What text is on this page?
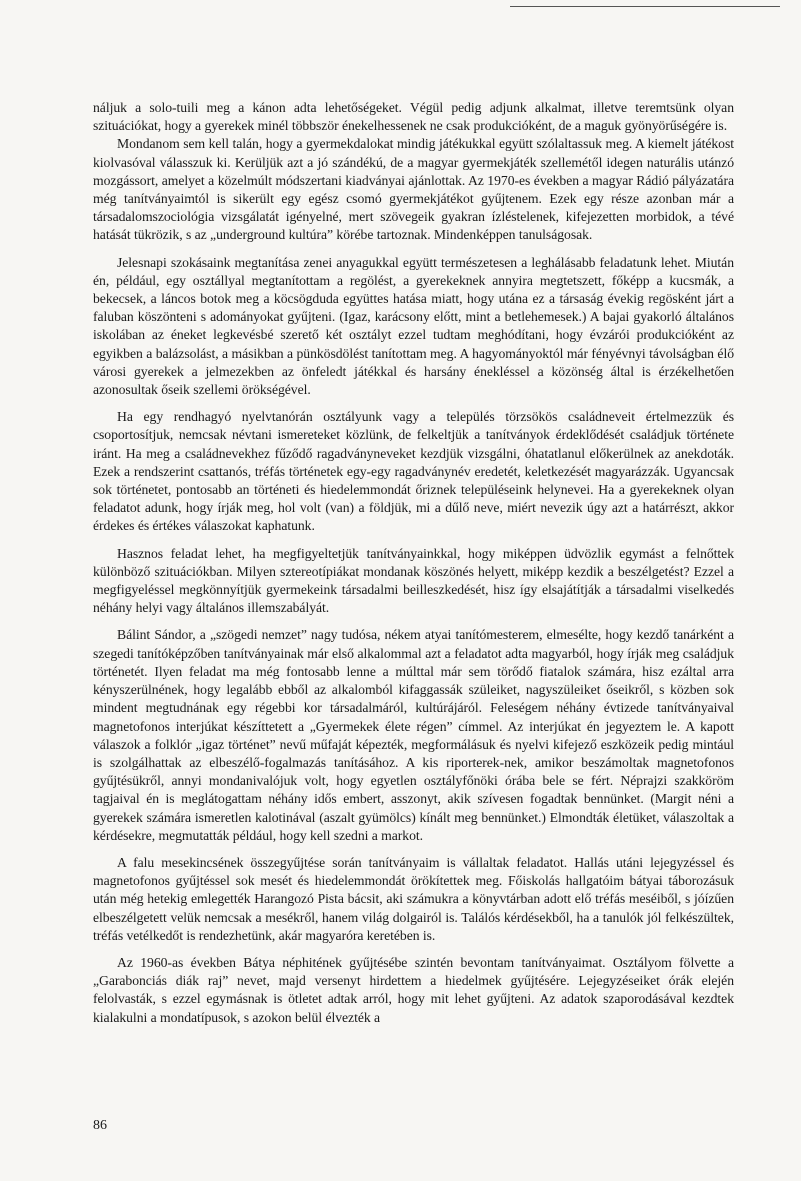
náljuk a solo-tuili meg a kánon adta lehetőségeket. Végül pedig adjunk alkalmat, illetve teremtsünk olyan szituációkat, hogy a gyerekek minél többször énekelhessenek ne csak produkcióként, de a maguk gyönyörűségére is.

Mondanom sem kell talán, hogy a gyermekdalokat mindig játékukkal együtt szólaltassuk meg. A kiemelt játékost kiolvasóval válasszuk ki. Kerüljük azt a jó szándékú, de a magyar gyermekjáték szellemétől idegen naturális utánzó mozgássort, amelyet a közelmúlt módszertani kiadványai ajánlottak. Az 1970-es években a magyar Rádió pályázatára még tanítványaimtól is sikerült egy egész csomó gyermekjátékot gyűjtenem. Ezek egy része azonban már a társadalomszociológia vizsgálatát igényelné, mert szövegeik gyakran ízléstelenek, kifejezetten morbidok, a tévé hatását tükrözik, s az „underground kultúra” körébe tartoznak. Mindenképpen tanulságosak.

Jelesnapi szokásaink megtanítása zenei anyagukkal együtt természetesen a leghálásabb feladatunk lehet. Miután én, például, egy osztállyal megtanítottam a regölést, a gyerekeknek annyira megtetszett, főképp a kucsmák, a bekecsek, a láncos botok meg a köcsögduda együttes hatása miatt, hogy utána ez a társaság évekig regösként járt a faluban köszönteni s adományokat gyűjteni. (Igaz, karácsony előtt, mint a betlehemesek.) A bajai gyakorló általános iskolában az éneket legkevésbé szerető két osztályt ezzel tudtam meghódítani, hogy évzárói produkcióként az egyikben a balázsolást, a másikban a pünkösdölést tanítottam meg. A hagyományoktól már fényévnyi távolságban élő városi gyerekek a jelmezekben az önfeledt játékkal és harsány énekléssel a közönség által is érzékelhetően azonosultak őseik szellemi örökségével.

Ha egy rendhagyó nyelvtanórán osztályunk vagy a település törzsökös családneveit értelmezzük és csoportosítjuk, nemcsak névtani ismereteket közlünk, de felkeltjük a tanítványok érdeklődését családjuk története iránt. Ha meg a családnevekhez fűződő ragadványneveket kezdjük vizsgálni, óhatatlanul előkerülnek az anekdoták. Ezek a rendszerint csattanós, tréfás történetek egy-egy ragadványnév eredetét, keletkezését magyarázzák. Ugyancsak sok történetet, pontosabb an történeti és hiedelemmondát őriznek településeink helynevei. Ha a gyerekeknek olyan feladatot adunk, hogy írják meg, hol volt (van) a földjük, mi a dűlő neve, miért nevezik úgy azt a határrészt, akkor érdekes és értékes válaszokat kaphatunk.

Hasznos feladat lehet, ha megfigyeltetjük tanítványainkkal, hogy miképpen üdvözlik egymást a felnőttek különböző szituációkban. Milyen sztereotípiákat mondanak köszönés helyett, miképp kezdik a beszélgetést? Ezzel a megfigyeléssel megkönnyítjük gyermekeink társadalmi beilleszkedését, hisz így elsajátítják a társadalmi viselkedés néhány helyi vagy általános illemszabályát.

Bálint Sándor, a „szögedi nemzet” nagy tudósa, nékem atyai tanítómesterem, elmesélte, hogy kezdő tanárként a szegedi tanítóképzőben tanítványainak már első alkalommal azt a feladatot adta magyarból, hogy írják meg családjuk történetét. Ilyen feladat ma még fontosabb lenne a múlttal már sem törődő fiatalok számára, hisz ezáltal arra kényszerülnének, hogy legalább ebből az alkalomból kifaggassák szüleiket, nagyszüleiket őseikről, s közben sok mindent megtudnának egy régebbi kor társadalmáról, kultúrájáról. Feleségem néhány évtizede tanítványaival magnetofonos interjúkat készíttetett a „Gyermekek élete régen” címmel. Az interjúkat én jegyeztem le. A kapott válaszok a folklór „igaz történet” nevű műfaját képezték, megformálásuk és nyelvi kifejező eszközeik pedig mintául is szolgálhattak az elbeszélő-fogalmazás tanításához. A kis riporterek-nek, amikor beszámoltak magnetofonos gyűjtésükről, annyi mondanivalójuk volt, hogy egyetlen osztályfőnöki órába bele se fért. Néprajzi szakköröm tagjaival én is meglátogattam néhány idős embert, asszonyt, akik szívesen fogadtak bennünket. (Margit néni a gyerekek számára ismeretlen kalotinával (aszalt gyümölcs) kínált meg bennünket.) Elmondták életüket, válaszoltak a kérdésekre, megmutatták például, hogy kell szedni a markot.

A falu mesekincsének összegyűjtése során tanítványaim is vállaltak feladatot. Hallás utáni lejegyzéssel és magnetofonos gyűjtéssel sok mesét és hiedelemmondát örökítettek meg. Főiskolás hallgatóim bátyai táborozásuk után még hetekig emlegették Harangozó Pista bácsit, aki számukra a könyvtárban adott elő tréfás meséiből, s jóízűen elbeszélgetett velük nemcsak a mesékről, hanem világ dolgairól is. Találós kérdésekből, ha a tanulók jól felkészültek, tréfás vetélkedőt is rendezhetünk, akár magyaróra keretében is.

Az 1960-as években Bátya néphitének gyűjtésébe szintén bevontam tanítványaimat. Osztályom fölvette a „Garabonciás diák raj” nevet, majd versenyt hirdettem a hiedelmek gyűjtésére. Lejegyzéseiket órák elején felolvasták, s ezzel egymásnak is ötletet adtak arról, hogy mit lehet gyűjteni. Az adatok szaporodásával kezdtek kialakulni a mondatípusok, s azokon belül élvezték a

86
